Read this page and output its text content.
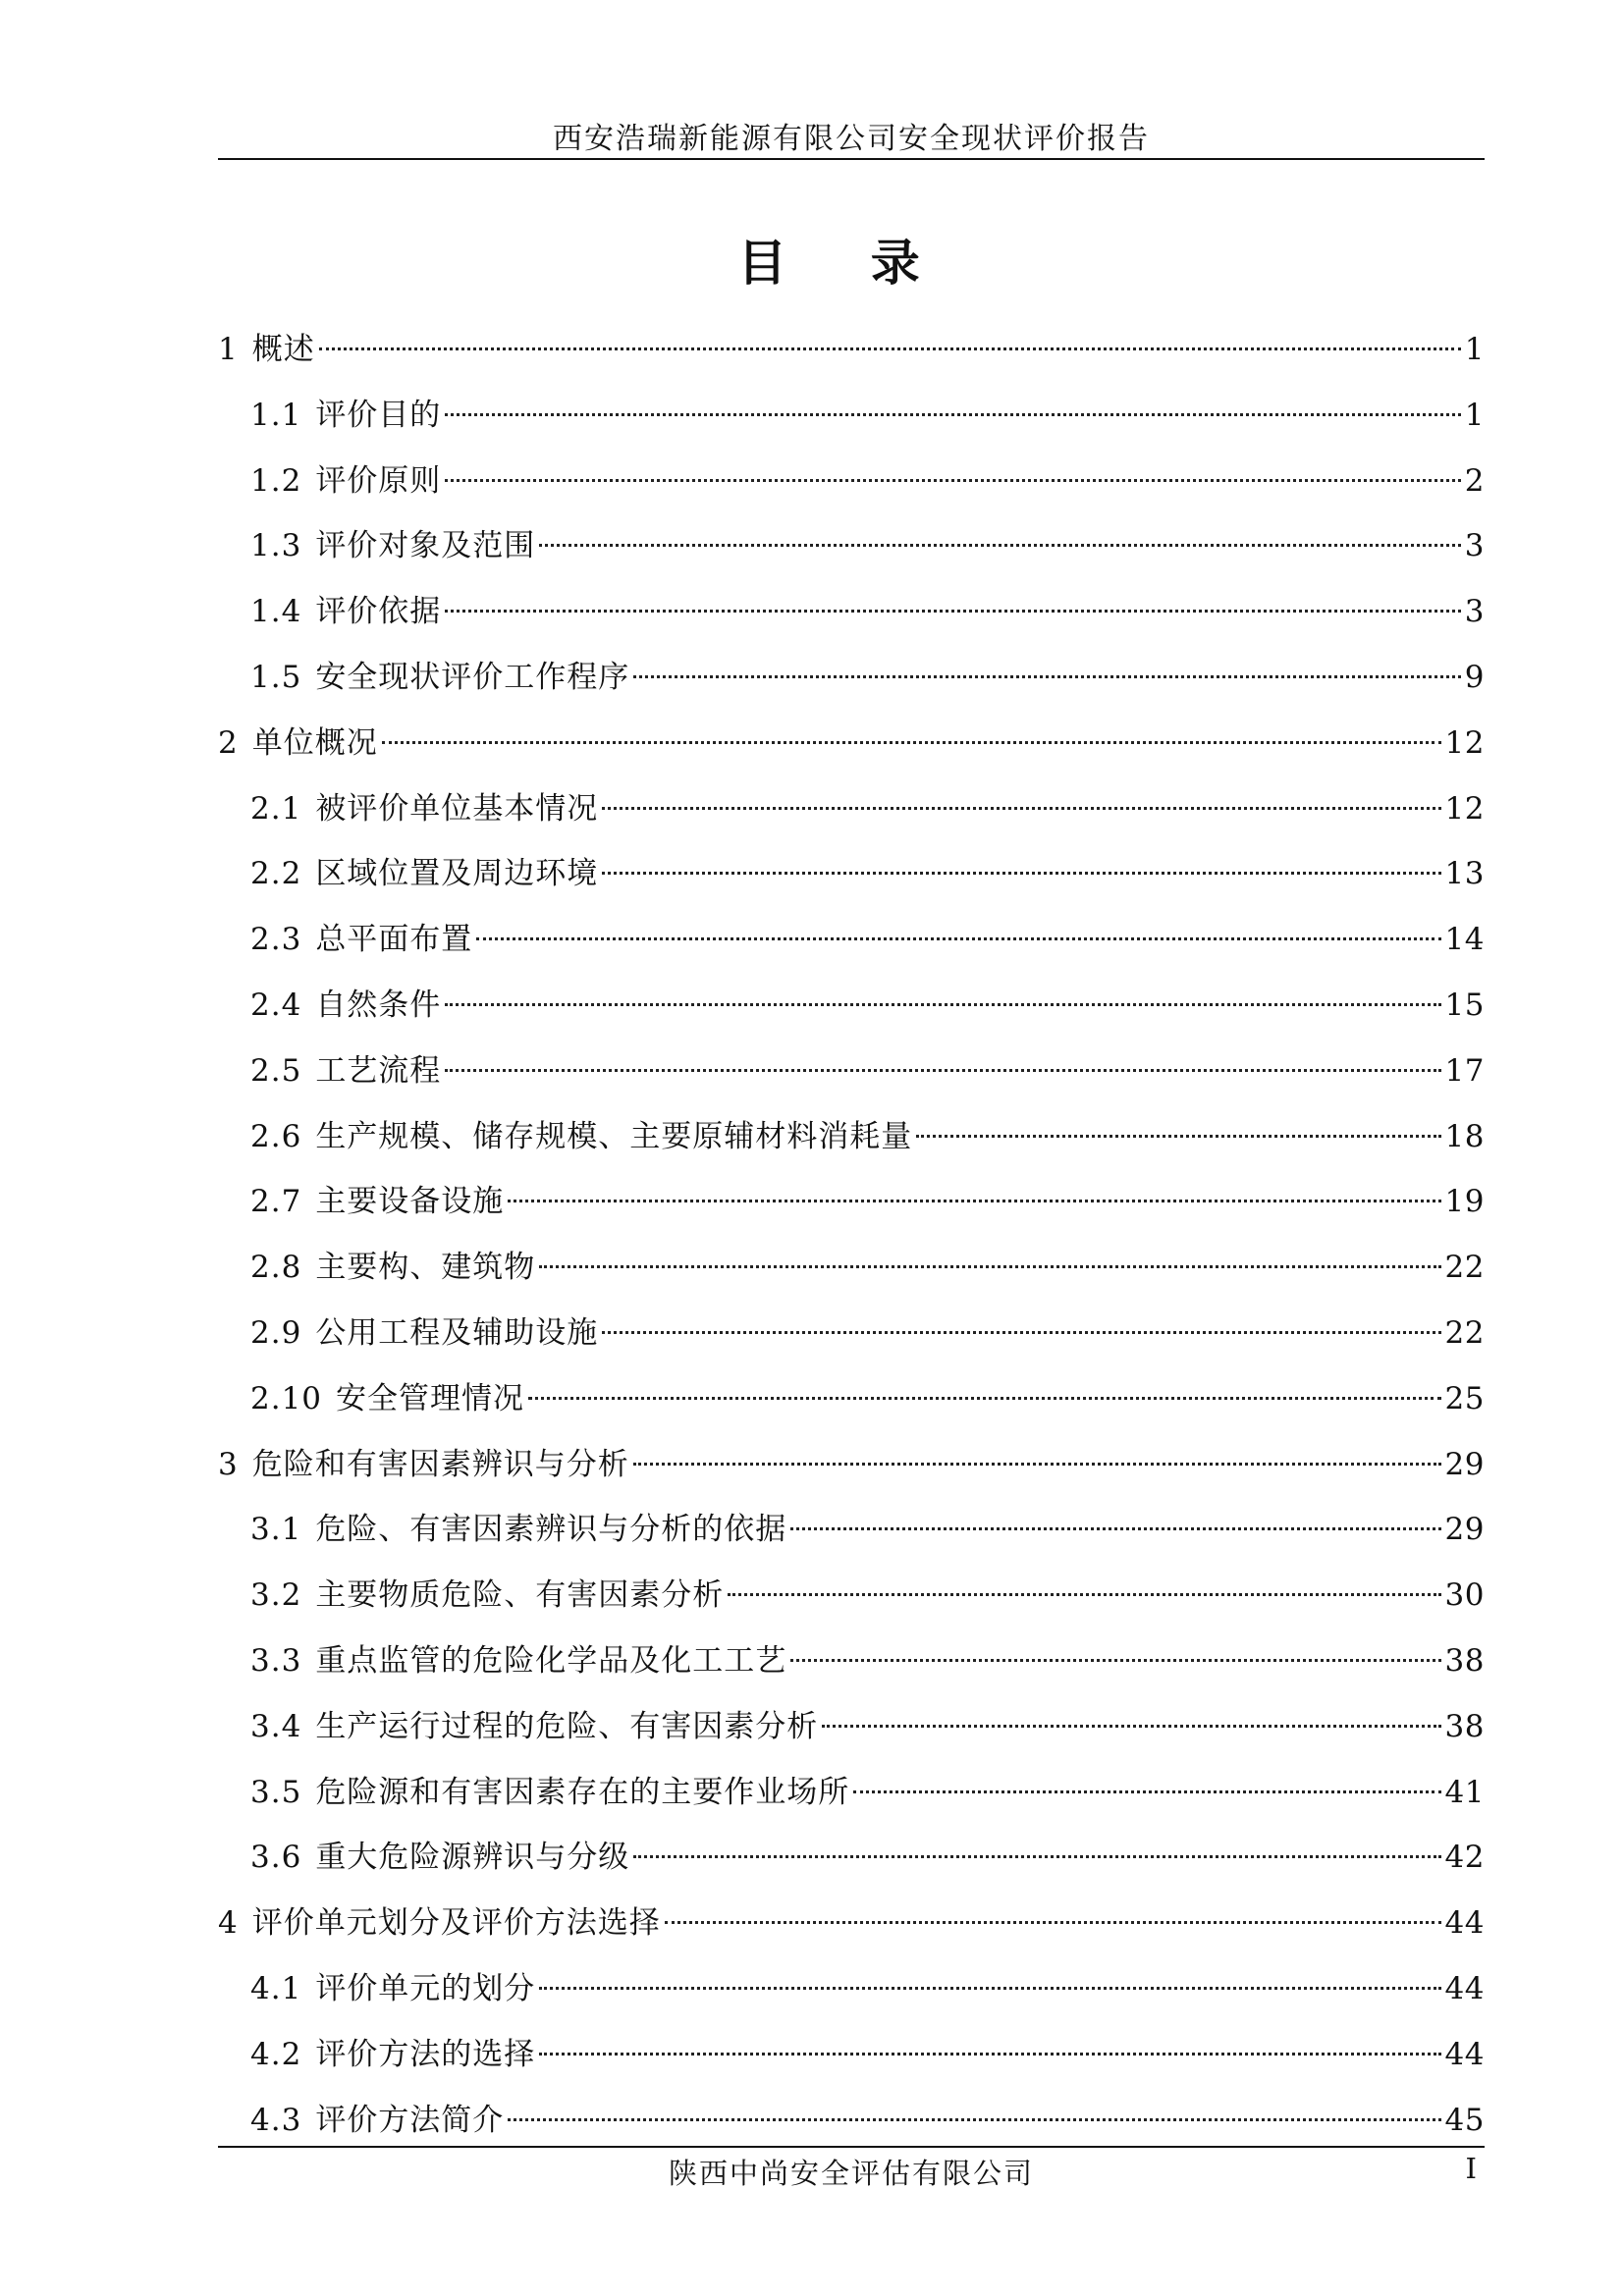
西安浩瑞新能源有限公司安全现状评价报告
目 录
1 概述	1
1.1 评价目的	1
1.2 评价原则	2
1.3 评价对象及范围	3
1.4 评价依据	3
1.5 安全现状评价工作程序	9
2 单位概况	12
2.1 被评价单位基本情况	12
2.2 区域位置及周边环境	13
2.3 总平面布置	14
2.4 自然条件	15
2.5 工艺流程	17
2.6 生产规模、储存规模、主要原辅材料消耗量	18
2.7 主要设备设施	19
2.8 主要构、建筑物	22
2.9 公用工程及辅助设施	22
2.10 安全管理情况	25
3 危险和有害因素辨识与分析	29
3.1 危险、有害因素辨识与分析的依据	29
3.2 主要物质危险、有害因素分析	30
3.3 重点监管的危险化学品及化工工艺	38
3.4 生产运行过程的危险、有害因素分析	38
3.5 危险源和有害因素存在的主要作业场所	41
3.6 重大危险源辨识与分级	42
4 评价单元划分及评价方法选择	44
4.1 评价单元的划分	44
4.2 评价方法的选择	44
4.3 评价方法简介	45
陕西中尚安全评估有限公司	I
